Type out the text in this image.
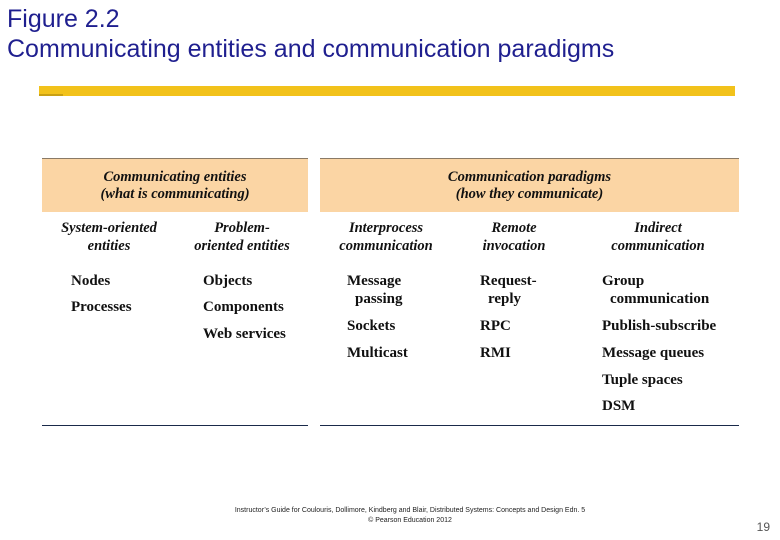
Figure 2.2
Communicating entities and communication paradigms
Communicating entities
(what is communicating)
Communication paradigms
(how they communicate)
System-oriented
entities
Problem-
oriented entities
Interprocess
communication
Remote
invocation
Indirect
communication
Nodes
Processes
Objects
Components
Web services
Message
passing
Sockets
Multicast
Request-
reply
RPC
RMI
Group
communication
Publish-subscribe
Message queues
Tuple spaces
DSM
Instructor’s Guide for Coulouris, Dollimore, Kindberg and Blair, Distributed Systems: Concepts and Design Edn. 5
© Pearson Education 2012	19
